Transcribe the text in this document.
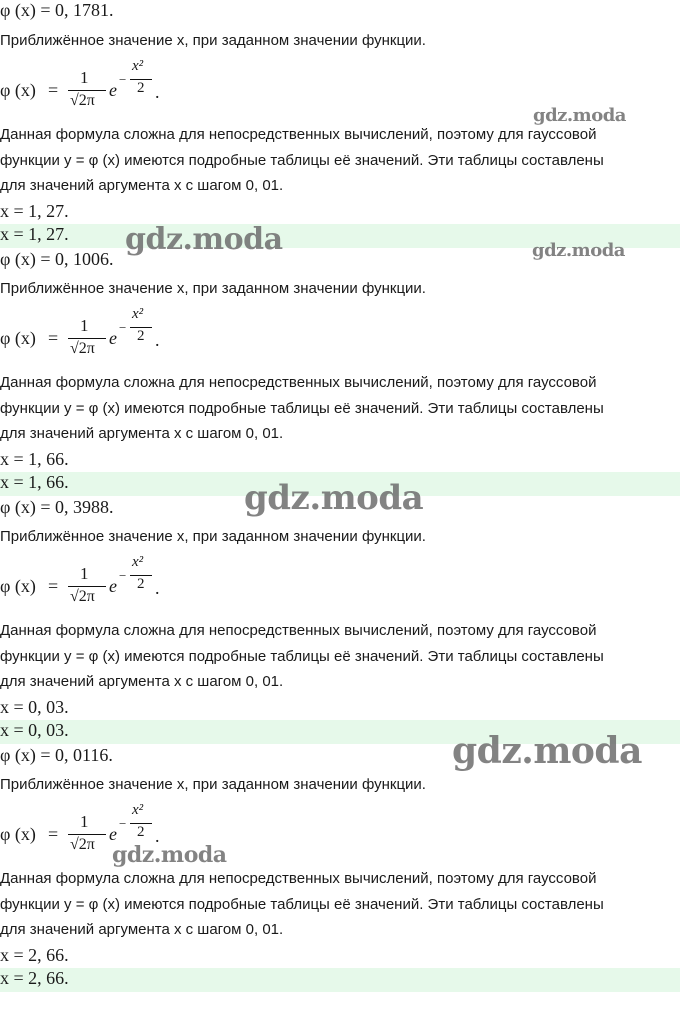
φ (x) = 0, 1781.
Приближённое значение x, при заданном значении функции.
φ (x) =
1
√2π
e
−
x²
2 .
Данная формула сложна для непосредственных вычислений, поэтому для гауссовой
функции y = φ (x) имеются подробные таблицы её значений. Эти таблицы составлены
для значений аргумента x с шагом 0, 01.
x = 1, 27.
x = 1, 27.
φ (x) = 0, 1006.
Приближённое значение x, при заданном значении функции.
φ (x) =
1
√2π
e
−
x²
2 .
Данная формула сложна для непосредственных вычислений, поэтому для гауссовой
функции y = φ (x) имеются подробные таблицы её значений. Эти таблицы составлены
для значений аргумента x с шагом 0, 01.
x = 1, 66.
x = 1, 66.
φ (x) = 0, 3988.
Приближённое значение x, при заданном значении функции.
φ (x) =
1
√2π
e
−
x²
2 .
Данная формула сложна для непосредственных вычислений, поэтому для гауссовой
функции y = φ (x) имеются подробные таблицы её значений. Эти таблицы составлены
для значений аргумента x с шагом 0, 01.
x = 0, 03.
x = 0, 03.
φ (x) = 0, 0116.
Приближённое значение x, при заданном значении функции.
φ (x) =
1
√2π
e
−
x²
2 .
Данная формула сложна для непосредственных вычислений, поэтому для гауссовой
функции y = φ (x) имеются подробные таблицы её значений. Эти таблицы составлены
для значений аргумента x с шагом 0, 01.
x = 2, 66.
x = 2, 66.
gdz.moda
gdz.moda	gdz.moda
gdz.moda
gdz.moda
gdz.moda
